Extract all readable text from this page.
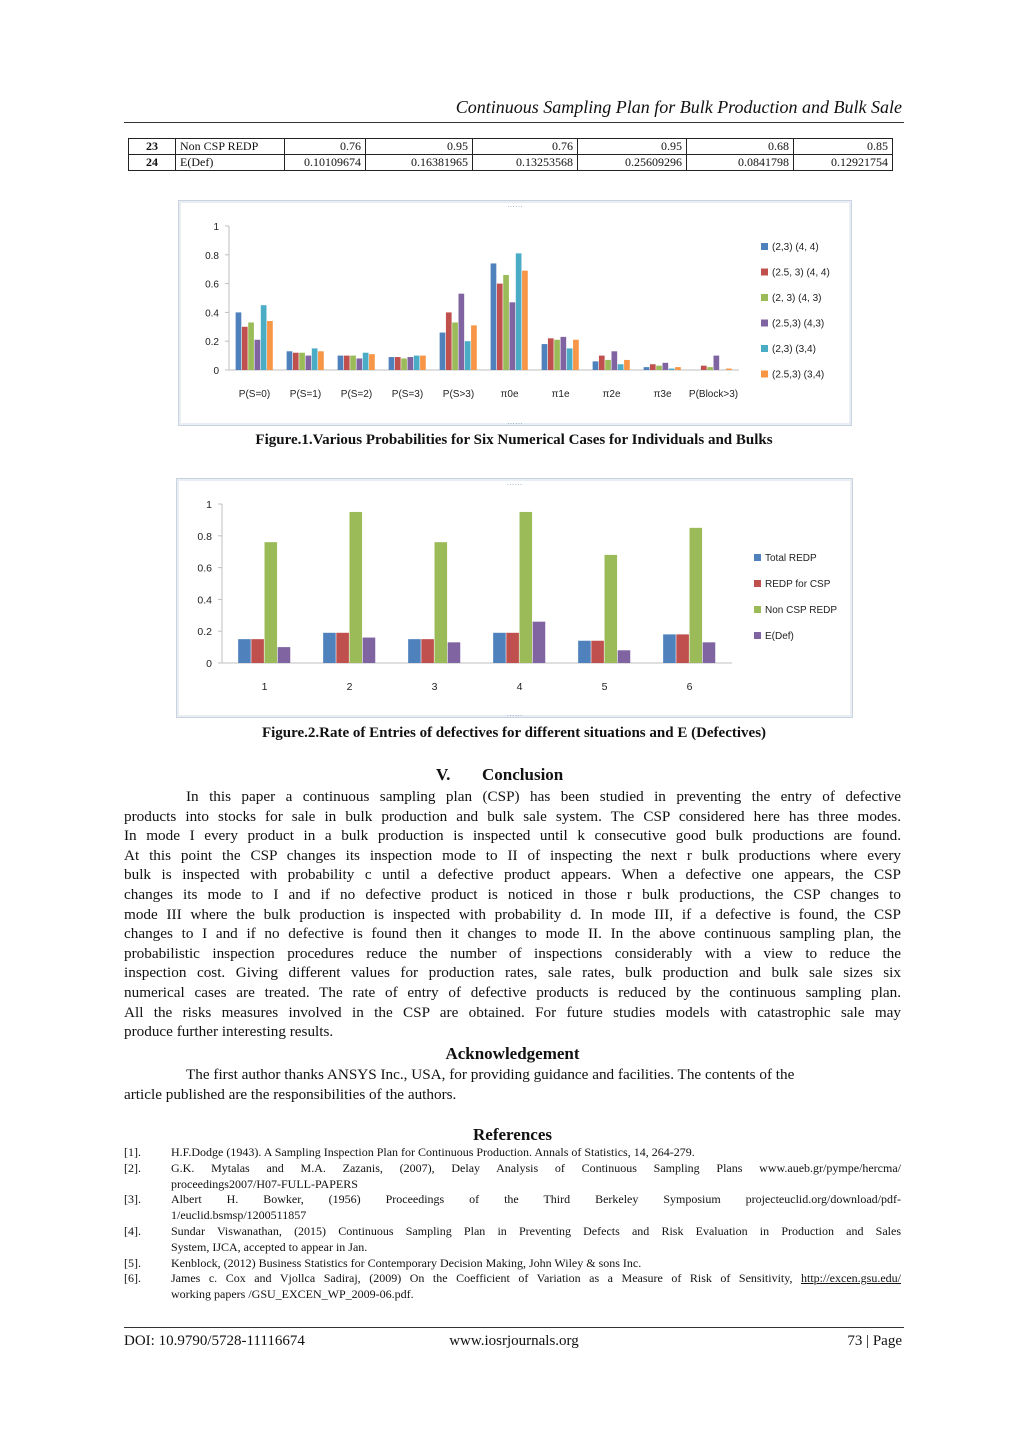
Continuous Sampling Plan for Bulk Production and Bulk Sale
23	Non CSP REDP	0.76	0.95	0.76	0.95	0.68	0.85
24	E(Def)	0.10109674	0.16381965	0.13253568	0.25609296	0.0841798	0.12921754
0
0.2
0.4
0.6
0.8
1
P(S=0) P(S=1) P(S=2) P(S=3) P(S>3)	π0e	π1e	π2e	π3e P(Block>3)
(2,3) (4, 4)
(2.5, 3) (4, 4)
(2, 3) (4, 3)
(2.5,3) (4,3)
(2,3) (3,4)
(2.5,3) (3,4)
……
……
Figure.1.Various Probabilities for Six Numerical Cases for Individuals and Bulks
0
0.2
0.4
0.6
0.8
1
1	2	3	4	5	6
Total REDP
REDP for CSP
Non CSP REDP
E(Def)
……
……
Figure.2.Rate of Entries of defectives for different situations and E (Defectives)
V. Conclusion
In this paper a continuous sampling plan (CSP) has been studied in preventing the entry of defective
products into stocks for sale in bulk production and bulk sale system. The CSP considered here has three modes.
In mode I every product in a bulk production is inspected until k consecutive good bulk productions are found.
At this point the CSP changes its inspection mode to II of inspecting the next r bulk productions where every
bulk is inspected with probability c until a defective product appears. When a defective one appears, the CSP
changes its mode to I and if no defective product is noticed in those r bulk productions, the CSP changes to
mode III where the bulk production is inspected with probability d. In mode III, if a defective is found, the CSP
changes to I and if no defective is found then it changes to mode II. In the above continuous sampling plan, the
probabilistic inspection procedures reduce the number of inspections considerably with a view to reduce the
inspection cost. Giving different values for production rates, sale rates, bulk production and bulk sale sizes six
numerical cases are treated. The rate of entry of defective products is reduced by the continuous sampling plan.
All the risks measures involved in the CSP are obtained. For future studies models with catastrophic sale may
produce further interesting results.
Acknowledgement
The first author thanks ANSYS Inc., USA, for providing guidance and facilities. The contents of the
article published are the responsibilities of the authors.
References
[1].	H.F.Dodge (1943). A Sampling Inspection Plan for Continuous Production. Annals of Statistics, 14, 264-279.
[2].	G.K. Mytalas and M.A. Zazanis, (2007), Delay Analysis of Continuous Sampling Plans www.aueb.gr/pympe/hercma/
proceedings2007/H07-FULL-PAPERS
[3].	Albert H. Bowker, (1956) Proceedings of the Third Berkeley Symposium projecteuclid.org/download/pdf-
1/euclid.bsmsp/1200511857
[4].	Sundar Viswanathan, (2015) Continuous Sampling Plan in Preventing Defects and Risk Evaluation in Production and Sales
System, IJCA, accepted to appear in Jan.
[5].	Kenblock, (2012) Business Statistics for Contemporary Decision Making, John Wiley & sons Inc.
[6].	James c. Cox and Vjollca Sadiraj, (2009) On the Coefficient of Variation as a Measure of Risk of Sensitivity, http://excen.gsu.edu/
working papers /GSU_EXCEN_WP_2009-06.pdf.
DOI: 10.9790/5728-11116674	www.iosrjournals.org	73 | Page
